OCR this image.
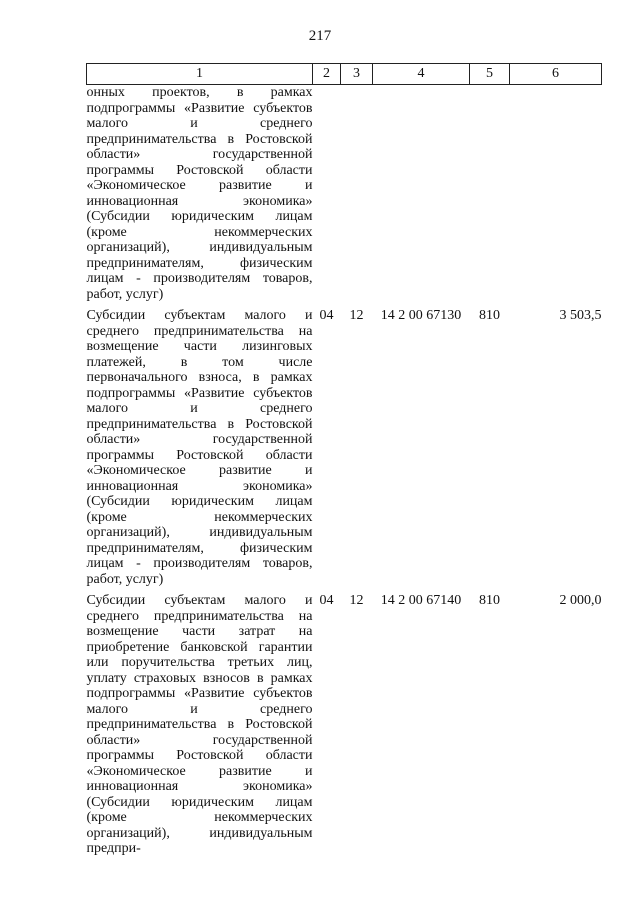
217
1	2	3	4	5	6
онных проектов, в рамках подпрограммы «Развитие субъектов малого и среднего предпринимательства в Ростовской области» государственной программы Ростовской области «Экономическое развитие и инновационная экономика» (Субсидии юридическим лицам (кроме некоммерческих организаций), индивидуальным предпринимателям, физическим лицам - производителям товаров, работ, услуг)					
Субсидии субъектам малого и среднего предпринимательства на возмещение части лизинговых платежей, в том числе первоначального взноса, в рамках подпрограммы «Развитие субъектов малого и среднего предпринимательства в Ростовской области» государственной программы Ростовской области «Экономическое развитие и инновационная экономика» (Субсидии юридическим лицам (кроме некоммерческих организаций), индивидуальным предпринимателям, физическим лицам - производителям товаров, работ, услуг)	04	12	14 2 00 67130	810	3 503,5
Субсидии субъектам малого и среднего предпринимательства на возмещение части затрат на приобретение банковской гарантии или поручительства третьих лиц, уплату страховых взносов в рамках подпрограммы «Развитие субъектов малого и среднего предпринимательства в Ростовской области» государственной программы Ростовской области «Экономическое развитие и инновационная экономика» (Субсидии юридическим лицам (кроме некоммерческих организаций), индивидуальным предпри-	04	12	14 2 00 67140	810	2 000,0
